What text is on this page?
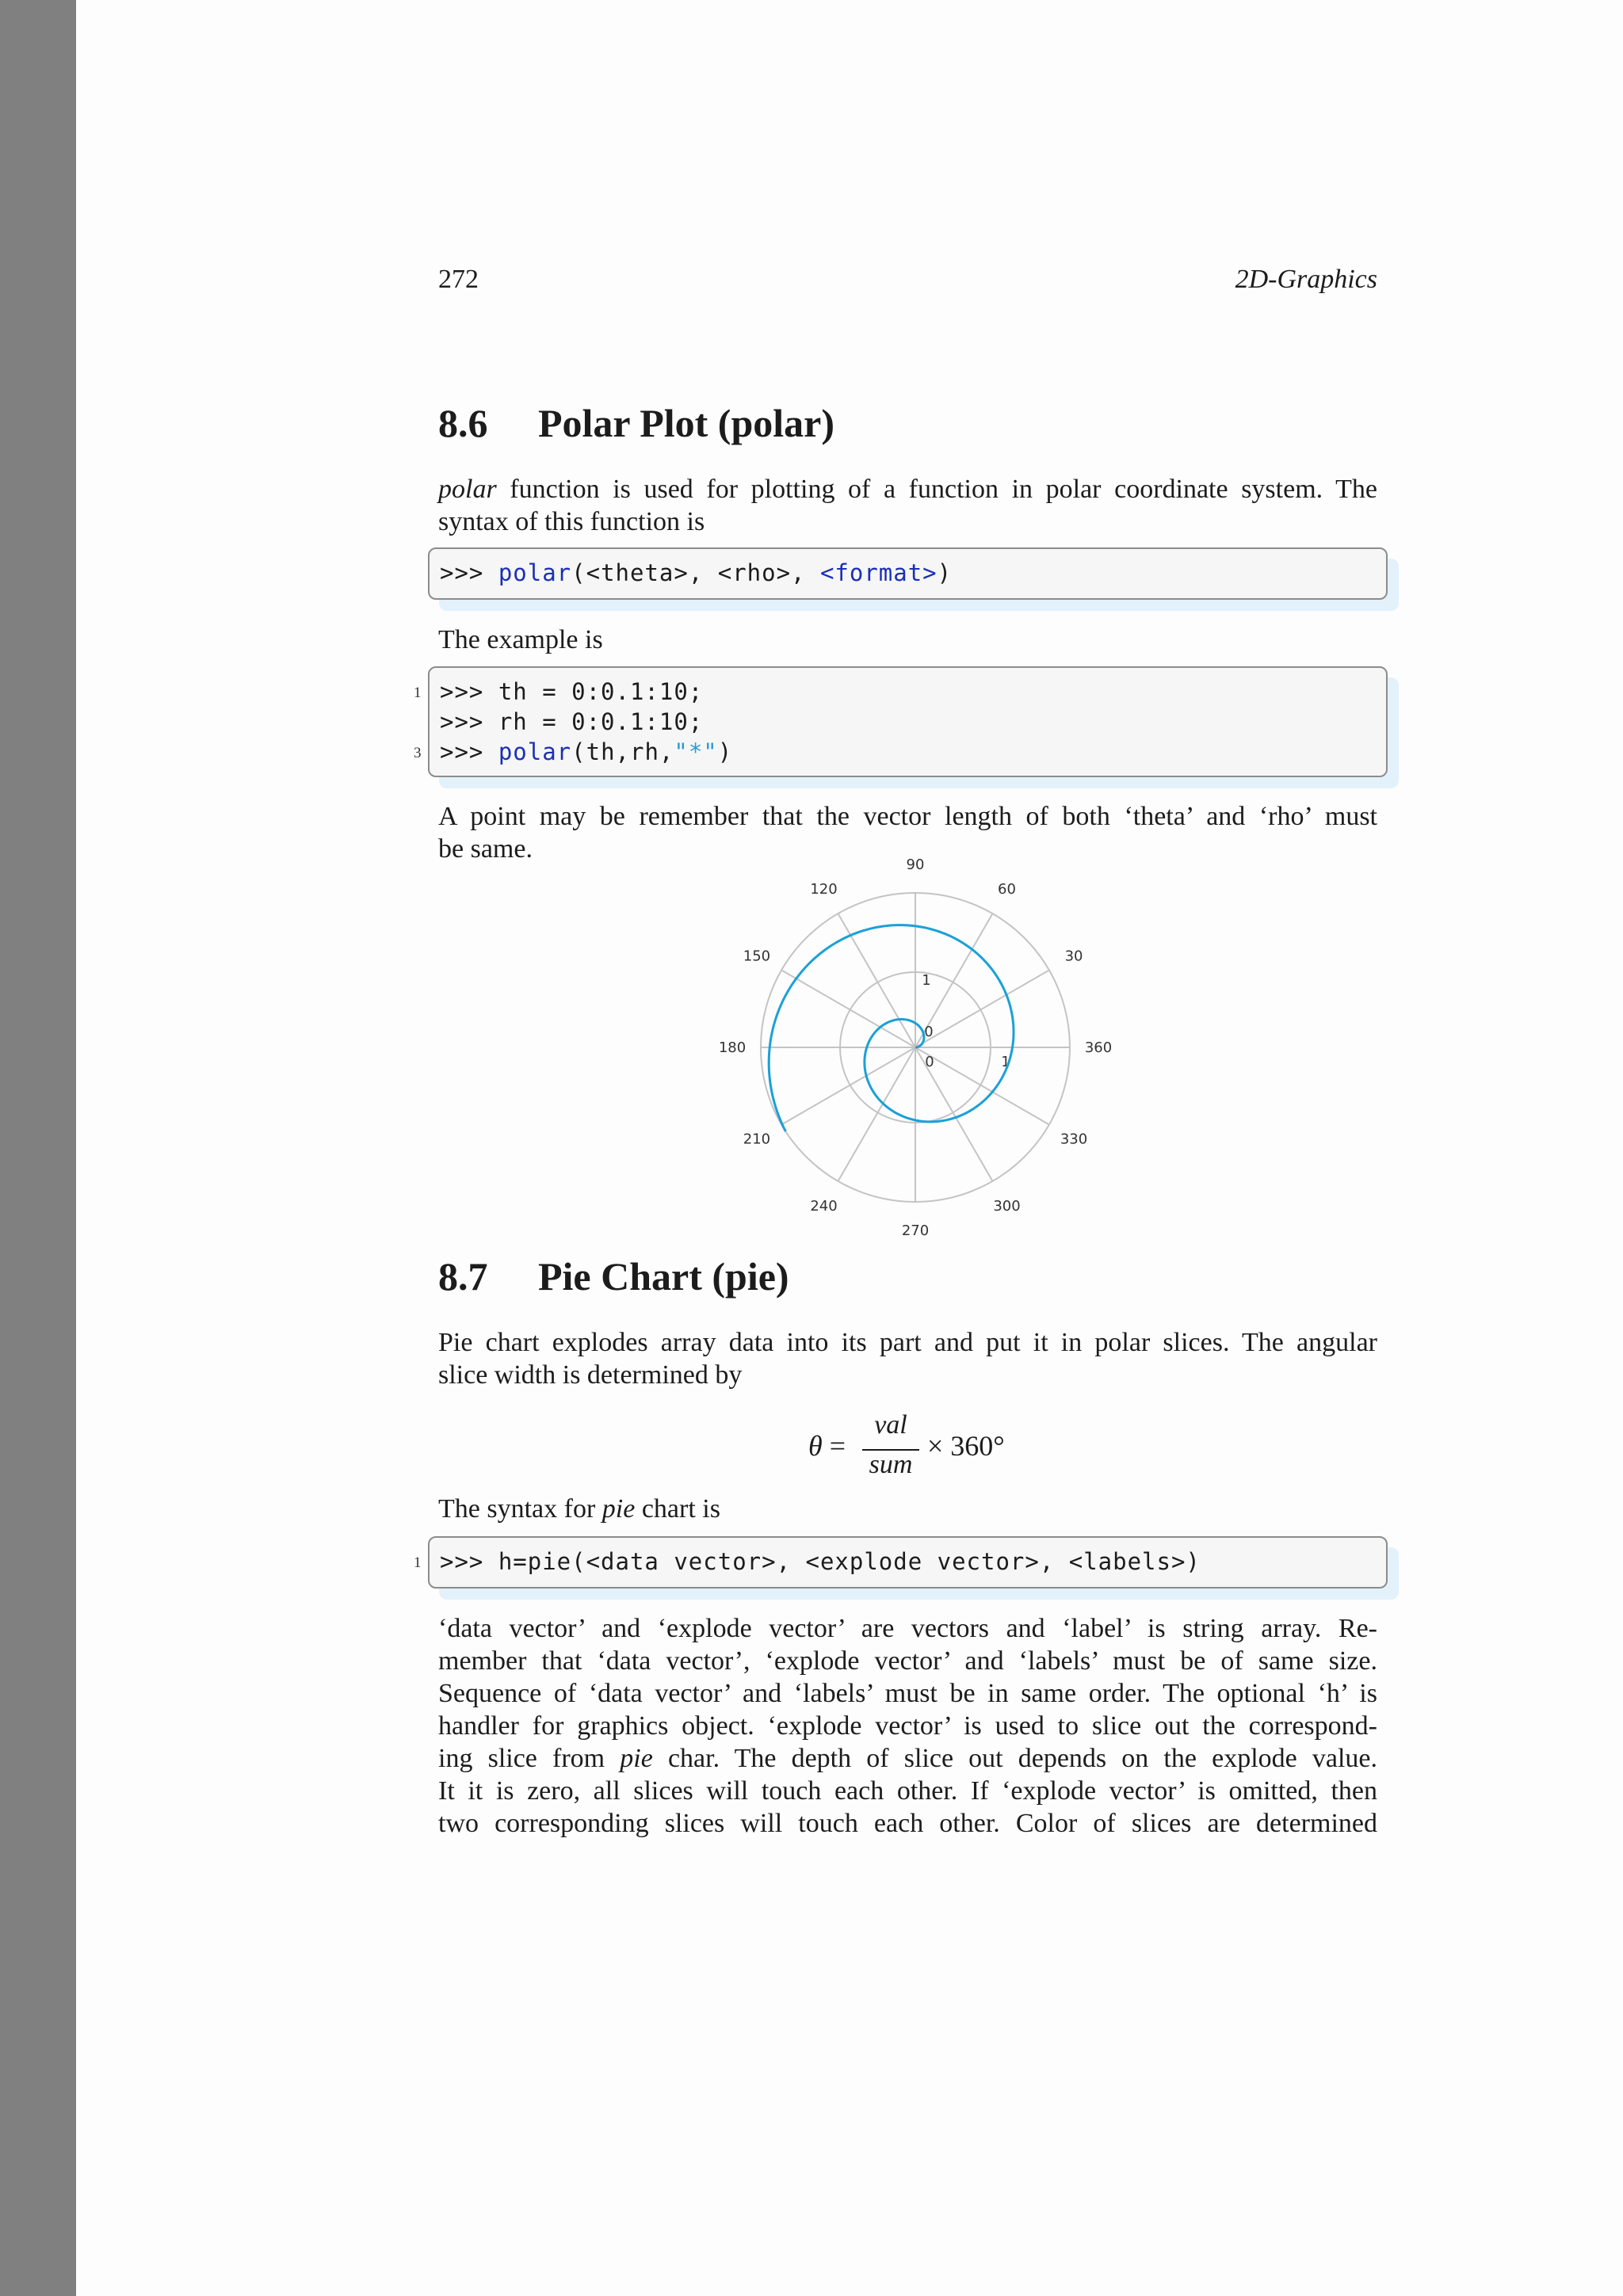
272	2D-Graphics
8.6 Polar Plot (polar)
polar function is used for plotting of a function in polar coordinate system. The
syntax of this function is
>>> polar(<theta>, <rho>, <format>)
The example is
1 >>> th = 0:0.1:10;
>>> rh = 0:0.1:10;
3 >>> polar(th,rh,"*")
A point may be remember that the vector length of both ‘theta’ and ‘rho’ must
be same.
90
60
30
360
330
300
270
240
210
180
150
120
0
1
0	1
8.7 Pie Chart (pie)
Pie chart explodes array data into its part and put it in polar slices. The angular
slice width is determined by
θ =
val
sum
× 360°
The syntax for pie chart is
1 >>> h=pie(<data vector>, <explode vector>, <labels>)
‘data vector’ and ‘explode vector’ are vectors and ‘label’ is string array. Re-
member that ‘data vector’, ‘explode vector’ and ‘labels’ must be of same size.
Sequence of ‘data vector’ and ‘labels’ must be in same order. The optional ‘h’ is
handler for graphics object. ‘explode vector’ is used to slice out the correspond-
ing slice from pie char. The depth of slice out depends on the explode value.
It it is zero, all slices will touch each other. If ‘explode vector’ is omitted, then
two corresponding slices will touch each other. Color of slices are determined
